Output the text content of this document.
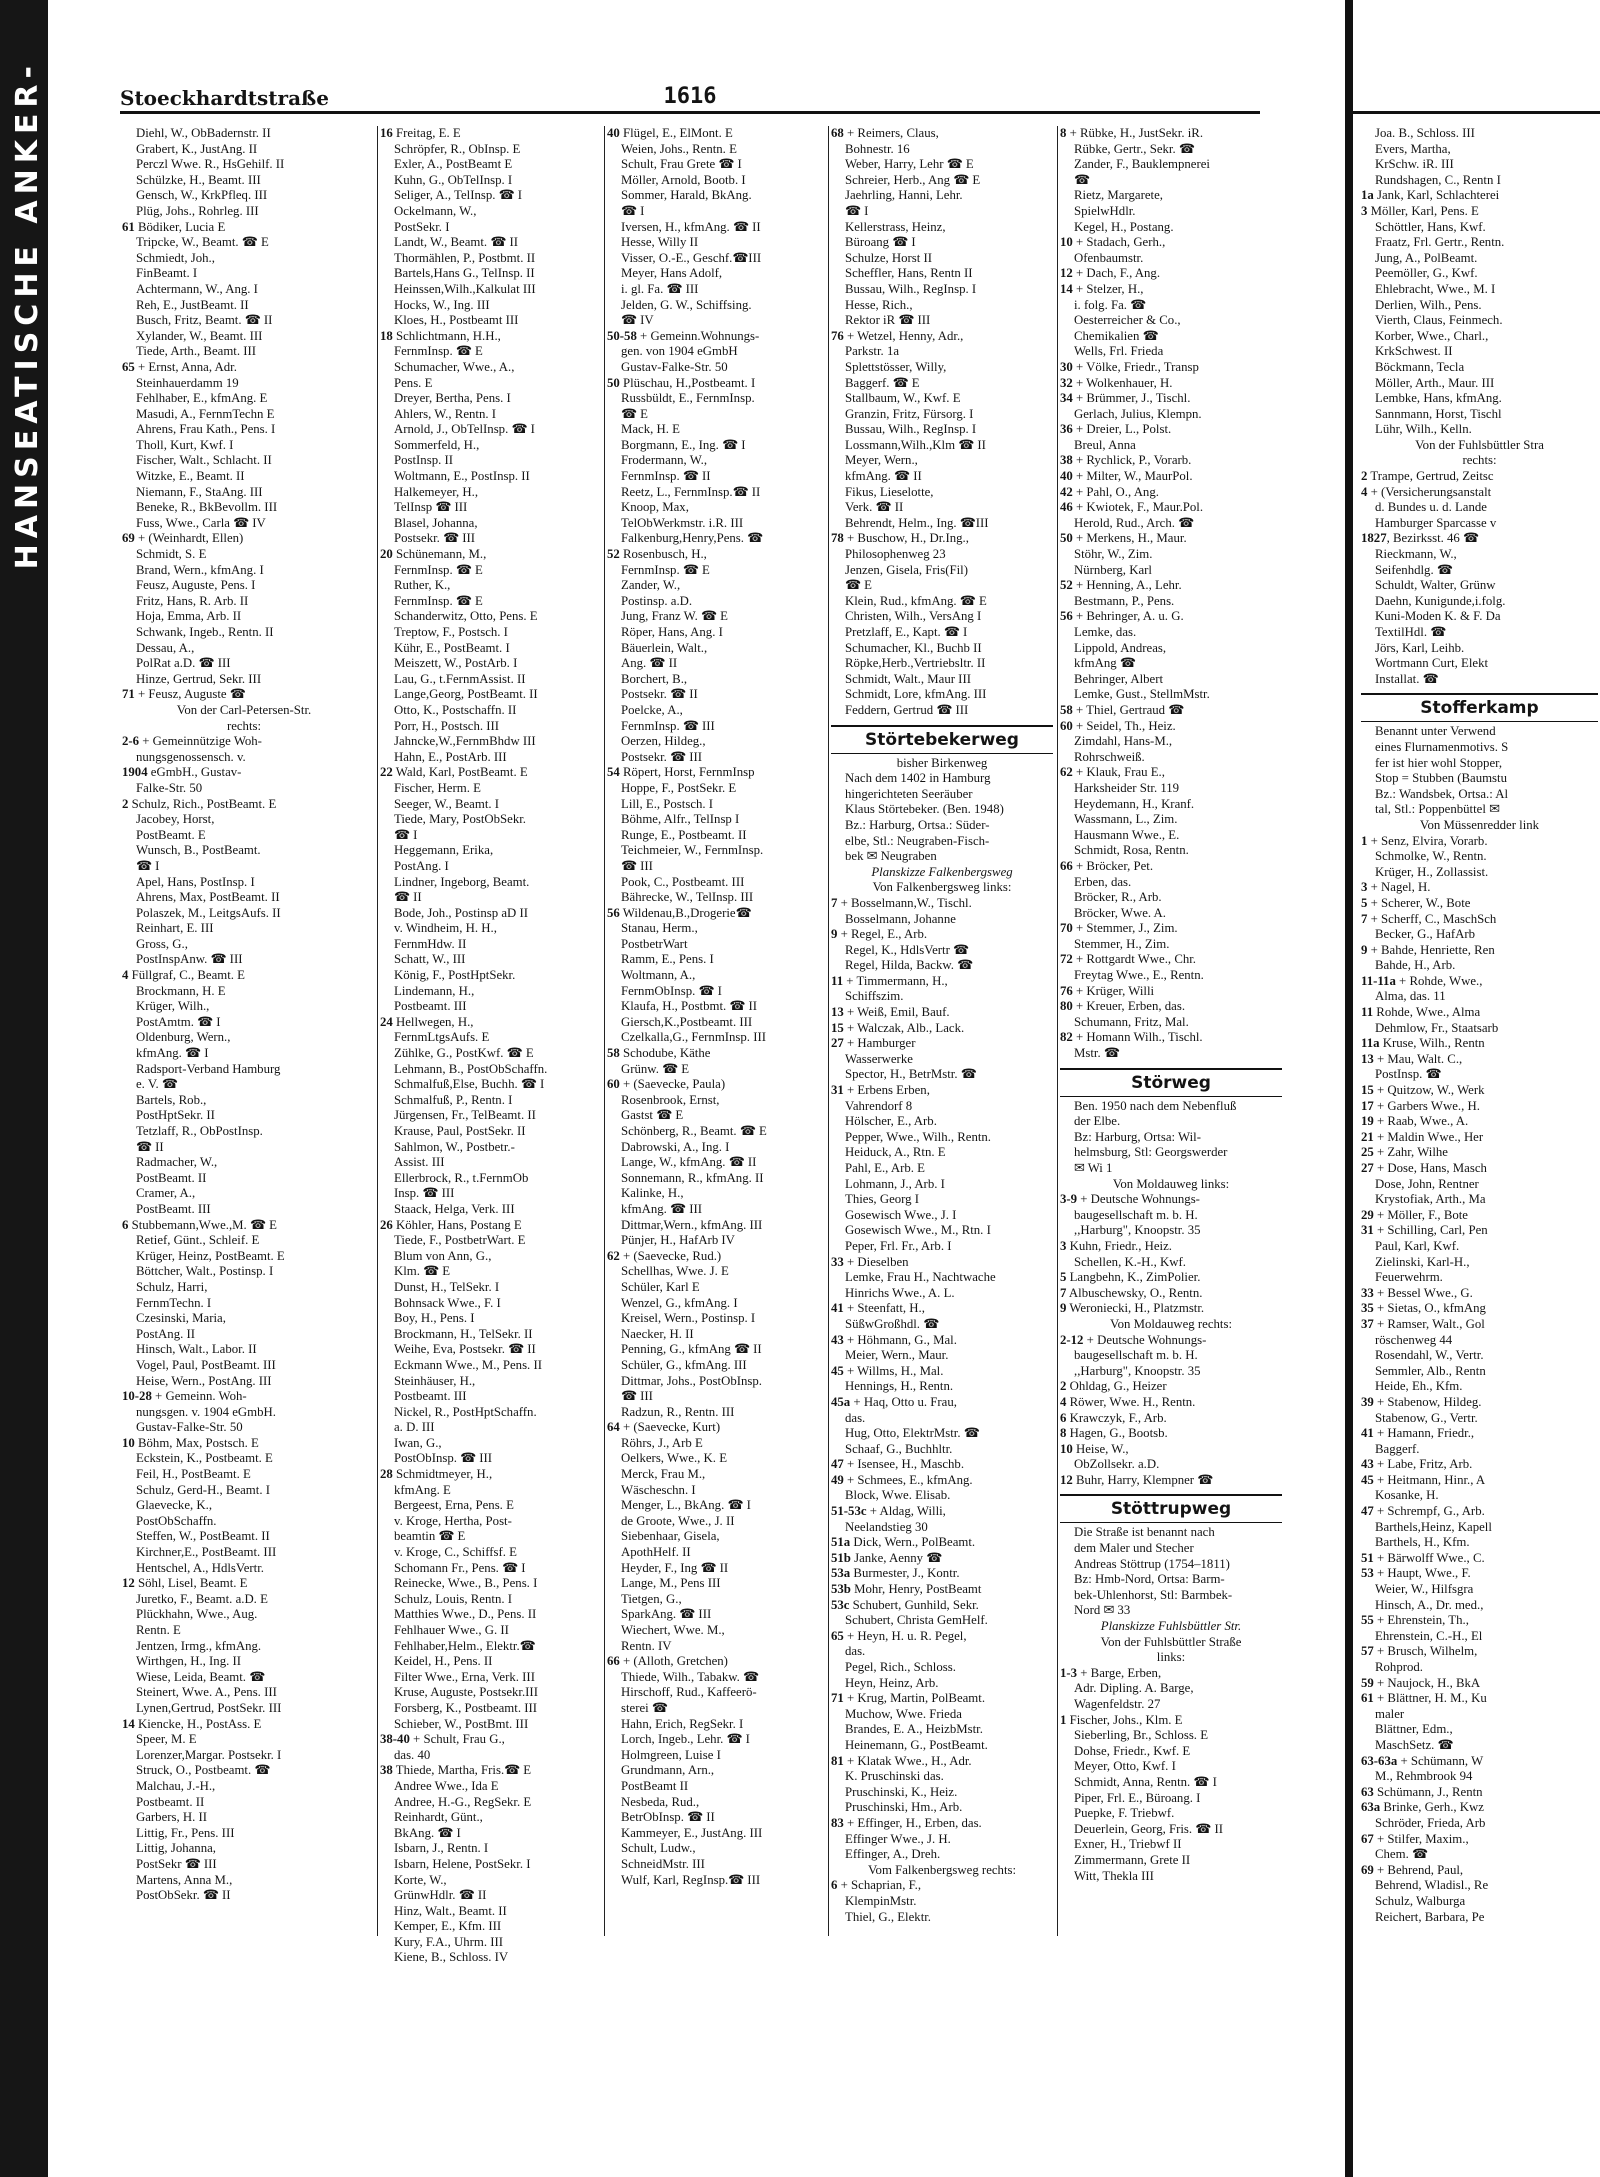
HANSEATISCHE ANKER-	Stoeckhardtstraße	1616
Diehl, W., ObBadernstr. II
Grabert, K., JustAng. II
Perczl Wwe. R., HsGehilf. II
Schülzke, H., Beamt. III
Gensch, W., KrkPfleq. III
Plüg, Johs., Rohrleg. III
61 Bödiker, Lucia E
Tripcke, W., Beamt. ☎ E
Schmiedt, Joh.,
FinBeamt. I
Achtermann, W., Ang. I
Reh, E., JustBeamt. II
Busch, Fritz, Beamt. ☎ II
Xylander, W., Beamt. III
Tiede, Arth., Beamt. III
65 + Ernst, Anna, Adr.
Steinhauerdamm 19
Fehlhaber, E., kfmAng. E
Masudi, A., FernmTechn E
Ahrens, Frau Kath., Pens. I
Tholl, Kurt, Kwf. I
Fischer, Walt., Schlacht. II
Witzke, E., Beamt. II
Niemann, F., StaAng. III
Beneke, R., BkBevollm. III
Fuss, Wwe., Carla ☎ IV
69 + (Weinhardt, Ellen)
Schmidt, S. E
Brand, Wern., kfmAng. I
Feusz, Auguste, Pens. I
Fritz, Hans, R. Arb. II
Hoja, Emma, Arb. II
Schwank, Ingeb., Rentn. II
Dessau, A.,
PolRat a.D. ☎ III
Hinze, Gertrud, Sekr. III
71 + Feusz, Auguste ☎
Von der Carl-Petersen-Str.
rechts:
2-6 + Gemeinnützige Woh-
nungsgenossensch. v.
1904 eGmbH., Gustav-
Falke-Str. 50
2 Schulz, Rich., PostBeamt. E
Jacobey, Horst,
PostBeamt. E
Wunsch, B., PostBeamt.
☎ I
Apel, Hans, PostInsp. I
Ahrens, Max, PostBeamt. II
Polaszek, M., LeitgsAufs. II
Reinhart, E. III
Gross, G.,
PostInspAnw. ☎ III
4 Füllgraf, C., Beamt. E
Brockmann, H. E
Krüger, Wilh.,
PostAmtm. ☎ I
Oldenburg, Wern.,
kfmAng. ☎ I
Radsport-Verband Hamburg
e. V. ☎
Bartels, Rob.,
PostHptSekr. II
Tetzlaff, R., ObPostInsp.
☎ II
Radmacher, W.,
PostBeamt. II
Cramer, A.,
PostBeamt. III
6 Stubbemann,Wwe.,M. ☎ E
Retief, Günt., Schleif. E
Krüger, Heinz, PostBeamt. E
Böttcher, Walt., Postinsp. I
Schulz, Harri,
FernmTechn. I
Czesinski, Maria,
PostAng. II
Hinsch, Walt., Labor. II
Vogel, Paul, PostBeamt. III
Heise, Wern., PostAng. III
10-28 + Gemeinn. Woh-
nungsgen. v. 1904 eGmbH.
Gustav-Falke-Str. 50
10 Böhm, Max, Postsch. E
Eckstein, K., Postbeamt. E
Feil, H., PostBeamt. E
Schulz, Gerd-H., Beamt. I
Glaevecke, K.,
PostObSchaffn.
Steffen, W., PostBeamt. II
Kirchner,E., PostBeamt. III
Hentschel, A., HdlsVertr.
12 Söhl, Lisel, Beamt. E
Juretko, F., Beamt. a.D. E
Plückhahn, Wwe., Aug.
Rentn. E
Jentzen, Irmg., kfmAng.
Wirthgen, H., Ing. II
Wiese, Leida, Beamt. ☎
Steinert, Wwe. A., Pens. III
Lynen,Gertrud, PostSekr. III
14 Kiencke, H., PostAss. E
Speer, M. E
Lorenzer,Margar. Postsekr. I
Struck, O., Postbeamt. ☎
Malchau, J.-H.,
Postbeamt. II
Garbers, H. II
Littig, Fr., Pens. III
Littig, Johanna,
PostSekr ☎ III
Martens, Anna M.,
PostObSekr. ☎ II
16 Freitag, E. E
Schröpfer, R., ObInsp. E
Exler, A., PostBeamt E
Kuhn, G., ObTelInsp. I
Seliger, A., TelInsp. ☎ I
Ockelmann, W.,
PostSekr. I
Landt, W., Beamt. ☎ II
Thormählen, P., Postbmt. II
Bartels,Hans G., TelInsp. II
Heinssen,Wilh.,Kalkulat III
Hocks, W., Ing. III
Kloes, H., Postbeamt III
18 Schlichtmann, H.H.,
FernmInsp. ☎ E
Schumacher, Wwe., A.,
Pens. E
Dreyer, Bertha, Pens. I
Ahlers, W., Rentn. I
Arnold, J., ObTelInsp. ☎ I
Sommerfeld, H.,
PostInsp. II
Woltmann, E., PostInsp. II
Halkemeyer, H.,
TelInsp ☎ III
Blasel, Johanna,
Postsekr. ☎ III
20 Schünemann, M.,
FernmInsp. ☎ E
Ruther, K.,
FernmInsp. ☎ E
Schanderwitz, Otto, Pens. E
Treptow, F., Postsch. I
Kühr, E., PostBeamt. I
Meiszett, W., PostArb. I
Lau, G., t.FernmAssist. II
Lange,Georg, PostBeamt. II
Otto, K., Postschaffn. II
Porr, H., Postsch. III
Jahncke,W.,FernmBhdw III
Hahn, E., PostArb. III
22 Wald, Karl, PostBeamt. E
Fischer, Herm. E
Seeger, W., Beamt. I
Tiede, Mary, PostObSekr.
☎ I
Heggemann, Erika,
PostAng. I
Lindner, Ingeborg, Beamt.
☎ II
Bode, Joh., Postinsp aD II
v. Windheim, H. H.,
FernmHdw. II
Schatt, W., III
König, F., PostHptSekr.
Lindemann, H.,
Postbeamt. III
24 Hellwegen, H.,
FernmLtgsAufs. E
Zühlke, G., PostKwf. ☎ E
Lehmann, B., PostObSchaffn.
Schmalfuß,Else, Buchh. ☎ I
Schmalfuß, P., Rentn. I
Jürgensen, Fr., TelBeamt. II
Krause, Paul, PostSekr. II
Sahlmon, W., Postbetr.-
Assist. III
Ellerbrock, R., t.FernmOb
Insp. ☎ III
Staack, Helga, Verk. III
26 Köhler, Hans, Postang E
Tiede, F., PostbetrWart. E
Blum von Ann, G.,
Klm. ☎ E
Dunst, H., TelSekr. I
Bohnsack Wwe., F. I
Boy, H., Pens. I
Brockmann, H., TelSekr. II
Weihe, Eva, Postsekr. ☎ II
Eckmann Wwe., M., Pens. II
Steinhäuser, H.,
Postbeamt. III
Nickel, R., PostHptSchaffn.
a. D. III
Iwan, G.,
PostObInsp. ☎ III
28 Schmidtmeyer, H.,
kfmAng. E
Bergeest, Erna, Pens. E
v. Kroge, Hertha, Post-
beamtin ☎ E
v. Kroge, C., Schiffsf. E
Schomann Fr., Pens. ☎ I
Reinecke, Wwe., B., Pens. I
Schulz, Louis, Rentn. I
Matthies Wwe., D., Pens. II
Fehlhauer Wwe., G. II
Fehlhaber,Helm., Elektr.☎
Keidel, H., Pens. II
Filter Wwe., Erna, Verk. III
Kruse, Auguste, Postsekr.III
Forsberg, K., Postbeamt. III
Schieber, W., PostBmt. III
38-40 + Schult, Frau G.,
das. 40
38 Thiede, Martha, Fris.☎ E
Andree Wwe., Ida E
Andree, H.-G., RegSekr. E
Reinhardt, Günt.,
BkAng. ☎ I
Isbarn, J., Rentn. I
Isbarn, Helene, PostSekr. I
Korte, W.,
GrünwHdlr. ☎ II
Hinz, Walt., Beamt. II
Kemper, E., Kfm. III
Kury, F.A., Uhrm. III
Kiene, B., Schloss. IV
40 Flügel, E., ElMont. E
Weien, Johs., Rentn. E
Schult, Frau Grete ☎ I
Möller, Arnold, Bootb. I
Sommer, Harald, BkAng.
☎ I
Iversen, H., kfmAng. ☎ II
Hesse, Willy II
Visser, O.-E., Geschf.☎III
Meyer, Hans Adolf,
i. gl. Fa. ☎ III
Jelden, G. W., Schiffsing.
☎ IV
50-58 + Gemeinn.Wohnungs-
gen. von 1904 eGmbH
Gustav-Falke-Str. 50
50 Plüschau, H.,Postbeamt. I
Russbüldt, E., FernmInsp.
☎ E
Mack, H. E
Borgmann, E., Ing. ☎ I
Frodermann, W.,
FernmInsp. ☎ II
Reetz, L., FernmInsp.☎ II
Knoop, Max,
TelObWerkmstr. i.R. III
Falkenburg,Henry,Pens. ☎
52 Rosenbusch, H.,
FernmInsp. ☎ E
Zander, W.,
Postinsp. a.D.
Jung, Franz W. ☎ E
Röper, Hans, Ang. I
Bäuerlein, Walt.,
Ang. ☎ II
Borchert, B.,
Postsekr. ☎ II
Poelcke, A.,
FernmInsp. ☎ III
Oerzen, Hildeg.,
Postsekr. ☎ III
54 Röpert, Horst, FernmInsp
Hoppe, F., PostSekr. E
Lill, E., Postsch. I
Böhme, Alfr., TelInsp I
Runge, E., Postbeamt. II
Teichmeier, W., FernmInsp.
☎ III
Pook, C., Postbeamt. III
Bährecke, W., TelInsp. III
56 Wildenau,B.,Drogerie☎
Stanau, Herm.,
PostbetrWart
Ramm, E., Pens. I
Woltmann, A.,
FernmObInsp. ☎ I
Klaufa, H., Postbmt. ☎ II
Giersch,K.,Postbeamt. III
Czelkalla,G., FernmInsp. III
58 Schodube, Käthe
Grünw. ☎ E
60 + (Saevecke, Paula)
Rosenbrook, Ernst,
Gastst ☎ E
Schönberg, R., Beamt. ☎ E
Dabrowski, A., Ing. I
Lange, W., kfmAng. ☎ II
Sonnemann, R., kfmAng. II
Kalinke, H.,
kfmAng. ☎ III
Dittmar,Wern., kfmAng. III
Pünjer, H., HafArb IV
62 + (Saevecke, Rud.)
Schellhas, Wwe. J. E
Schüler, Karl E
Wenzel, G., kfmAng. I
Kreisel, Wern., Postinsp. I
Naecker, H. II
Penning, G., kfmAng ☎ II
Schüler, G., kfmAng. III
Dittmar, Johs., PostObInsp.
☎ III
Radzun, R., Rentn. III
64 + (Saevecke, Kurt)
Röhrs, J., Arb E
Oelkers, Wwe., K. E
Merck, Frau M.,
Wäscheschn. I
Menger, L., BkAng. ☎ I
de Groote, Wwe., J. II
Siebenhaar, Gisela,
ApothHelf. II
Heyder, F., Ing ☎ II
Lange, M., Pens III
Tietgen, G.,
SparkAng. ☎ III
Wiechert, Wwe. M.,
Rentn. IV
66 + (Alloth, Gretchen)
Thiede, Wilh., Tabakw. ☎
Hirschoff, Rud., Kaffeerö-
sterei ☎
Hahn, Erich, RegSekr. I
Lorch, Ingeb., Lehr. ☎ I
Holmgreen, Luise I
Grundmann, Arn.,
PostBeamt II
Nesbeda, Rud.,
BetrObInsp. ☎ II
Kammeyer, E., JustAng. III
Schult, Ludw.,
SchneidMstr. III
Wulf, Karl, RegInsp.☎ III
68 + Reimers, Claus,
Bohnestr. 16
Weber, Harry, Lehr ☎ E
Schreier, Herb., Ang ☎ E
Jaehrling, Hanni, Lehr.
☎ I
Kellerstrass, Heinz,
Büroang ☎ I
Schulze, Horst II
Scheffler, Hans, Rentn II
Bussau, Wilh., RegInsp. I
Hesse, Rich.,
Rektor iR ☎ III
76 + Wetzel, Henny, Adr.,
Parkstr. 1a
Splettstösser, Willy,
Baggerf. ☎ E
Stallbaum, W., Kwf. E
Granzin, Fritz, Fürsorg. I
Bussau, Wilh., RegInsp. I
Lossmann,Wilh.,Klm ☎ II
Meyer, Wern.,
kfmAng. ☎ II
Fikus, Lieselotte,
Verk. ☎ II
Behrendt, Helm., Ing. ☎III
78 + Buschow, H., Dr.Ing.,
Philosophenweg 23
Jenzen, Gisela, Fris(Fil)
☎ E
Klein, Rud., kfmAng. ☎ E
Christen, Wilh., VersAng I
Pretzlaff, E., Kapt. ☎ I
Schumacher, Kl., Buchb II
Röpke,Herb.,Vertriebsltr. II
Schmidt, Walt., Maur III
Schmidt, Lore, kfmAng. III
Feddern, Gertrud ☎ III
Störtebekerweg
bisher Birkenweg
Nach dem 1402 in Hamburg
hingerichteten Seeräuber
Klaus Störtebeker. (Ben. 1948)
Bz.: Harburg, Ortsa.: Süder-
elbe, Stl.: Neugraben-Fisch-
bek ✉ Neugraben
Planskizze Falkenbergsweg
Von Falkenbergsweg links:
7 + Bosselmann,W., Tischl.
Bosselmann, Johanne
9 + Regel, E., Arb.
Regel, K., HdlsVertr ☎
Regel, Hilda, Backw. ☎
11 + Timmermann, H.,
Schiffszim.
13 + Weiß, Emil, Bauf.
15 + Walczak, Alb., Lack.
27 + Hamburger
Wasserwerke
Spector, H., BetrMstr. ☎
31 + Erbens Erben,
Vahrendorf 8
Hölscher, E., Arb.
Pepper, Wwe., Wilh., Rentn.
Heiduck, A., Rtn. E
Pahl, E., Arb. E
Lohmann, J., Arb. I
Thies, Georg I
Gosewisch Wwe., J. I
Gosewisch Wwe., M., Rtn. I
Peper, Frl. Fr., Arb. I
33 + Dieselben
Lemke, Frau H., Nachtwache
Hinrichs Wwe., A. L.
41 + Steenfatt, H.,
SüßwGroßhdl. ☎
43 + Höhmann, G., Mal.
Meier, Wern., Maur.
45 + Willms, H., Mal.
Hennings, H., Rentn.
45a + Haq, Otto u. Frau,
das.
Hug, Otto, ElektrMstr. ☎
Schaaf, G., Buchhltr.
47 + Isensee, H., Maschb.
49 + Schmees, E., kfmAng.
Block, Wwe. Elisab.
51-53c + Aldag, Willi,
Neelandstieg 30
51a Dick, Wern., PolBeamt.
51b Janke, Aenny ☎
53a Burmester, J., Kontr.
53b Mohr, Henry, PostBeamt
53c Schubert, Gunhild, Sekr.
Schubert, Christa GemHelf.
65 + Heyn, H. u. R. Pegel,
das.
Pegel, Rich., Schloss.
Heyn, Heinz, Arb.
71 + Krug, Martin, PolBeamt.
Muchow, Wwe. Frieda
Brandes, E. A., HeizbMstr.
Heinemann, G., PostBeamt.
81 + Klatak Wwe., H., Adr.
K. Pruschinski das.
Pruschinski, K., Heiz.
Pruschinski, Hm., Arb.
83 + Effinger, H., Erben, das.
Effinger Wwe., J. H.
Effinger, A., Dreh.
Vom Falkenbergsweg rechts:
6 + Schaprian, F.,
KlempinMstr.
Thiel, G., Elektr.
8 + Rübke, H., JustSekr. iR.
Rübke, Gertr., Sekr. ☎
Zander, F., Bauklempnerei
☎
Rietz, Margarete,
SpielwHdlr.
Kegel, H., Postang.
10 + Stadach, Gerh.,
Ofenbaumstr.
12 + Dach, F., Ang.
14 + Stelzer, H.,
i. folg. Fa. ☎
Oesterreicher & Co.,
Chemikalien ☎
Wells, Frl. Frieda
30 + Völke, Friedr., Transp
32 + Wolkenhauer, H.
34 + Brümmer, J., Tischl.
Gerlach, Julius, Klempn.
36 + Dreier, L., Polst.
Breul, Anna
38 + Rychlick, P., Vorarb.
40 + Milter, W., MaurPol.
42 + Pahl, O., Ang.
46 + Kwiotek, F., Maur.Pol.
Herold, Rud., Arch. ☎
50 + Merkens, H., Maur.
Stöhr, W., Zim.
Nürnberg, Karl
52 + Henning, A., Lehr.
Bestmann, P., Pens.
56 + Behringer, A. u. G.
Lemke, das.
Lippold, Andreas,
kfmAng ☎
Behringer, Albert
Lemke, Gust., StellmMstr.
58 + Thiel, Gertraud ☎
60 + Seidel, Th., Heiz.
Zimdahl, Hans-M.,
Rohrschweiß.
62 + Klauk, Frau E.,
Harksheider Str. 119
Heydemann, H., Kranf.
Wassmann, L., Zim.
Hausmann Wwe., E.
Schmidt, Rosa, Rentn.
66 + Bröcker, Pet.
Erben, das.
Bröcker, R., Arb.
Bröcker, Wwe. A.
70 + Stemmer, J., Zim.
Stemmer, H., Zim.
72 + Rottgardt Wwe., Chr.
Freytag Wwe., E., Rentn.
76 + Krüger, Willi
80 + Kreuer, Erben, das.
Schumann, Fritz, Mal.
82 + Homann Wilh., Tischl.
Mstr. ☎
Störweg
Ben. 1950 nach dem Nebenfluß
der Elbe.
Bz: Harburg, Ortsa: Wil-
helmsburg, Stl: Georgswerder
✉ Wi 1
Von Moldauweg links:
3-9 + Deutsche Wohnungs-
baugesellschaft m. b. H.
,,Harburg", Knoopstr. 35
3 Kuhn, Friedr., Heiz.
Schellen, K.-H., Kwf.
5 Langbehn, K., ZimPolier.
7 Albuschewsky, O., Rentn.
9 Weroniecki, H., Platzmstr.
Von Moldauweg rechts:
2-12 + Deutsche Wohnungs-
baugesellschaft m. b. H.
,,Harburg", Knoopstr. 35
2 Ohldag, G., Heizer
4 Röwer, Wwe. H., Rentn.
6 Krawczyk, F., Arb.
8 Hagen, G., Bootsb.
10 Heise, W.,
ObZollsekr. a.D.
12 Buhr, Harry, Klempner ☎
Stöttrupweg
Die Straße ist benannt nach
dem Maler und Stecher
Andreas Stöttrup (1754–1811)
Bz: Hmb-Nord, Ortsa: Barm-
bek-Uhlenhorst, Stl: Barmbek-
Nord ✉ 33
Planskizze Fuhlsbüttler Str.
Von der Fuhlsbüttler Straße
links:
1-3 + Barge, Erben,
Adr. Dipling. A. Barge,
Wagenfeldstr. 27
1 Fischer, Johs., Klm. E
Sieberling, Br., Schloss. E
Dohse, Friedr., Kwf. E
Meyer, Otto, Kwf. I
Schmidt, Anna, Rentn. ☎ I
Piper, Frl. E., Büroang. I
Puepke, F. Triebwf.
Deuerlein, Georg, Fris. ☎ II
Exner, H., Triebwf II
Zimmermann, Grete II
Witt, Thekla III
Joa. B., Schloss. III
Evers, Martha,
KrSchw. iR. III
Rundshagen, C., Rentn I
1a Jank, Karl, Schlachterei
3 Möller, Karl, Pens. E
Schöttler, Hans, Kwf.
Fraatz, Frl. Gertr., Rentn.
Jung, A., PolBeamt.
Peemöller, G., Kwf.
Ehlebracht, Wwe., M. I
Derlien, Wilh., Pens.
Vierth, Claus, Feinmech.
Korber, Wwe., Charl.,
KrkSchwest. II
Böckmann, Tecla
Möller, Arth., Maur. III
Lembke, Hans, kfmAng.
Sannmann, Horst, Tischl
Lühr, Wilh., Kelln.
Von der Fuhlsbüttler Stra
rechts:
2 Trampe, Gertrud, Zeitsc
4 + (Versicherungsanstalt
d. Bundes u. d. Lande
Hamburger Sparcasse v
1827, Bezirksst. 46 ☎
Rieckmann, W.,
Seifenhdlg. ☎
Schuldt, Walter, Grünw
Daehn, Kunigunde,i.folg.
Kuni-Moden K. & F. Da
TextilHdl. ☎
Jörs, Karl, Leihb.
Wortmann Curt, Elekt
Installat. ☎
Stofferkamp
Benannt unter Verwend
eines Flurnamenmotivs. S
fer ist hier wohl Stopper,
Stop = Stubben (Baumstu
Bz.: Wandsbek, Ortsa.: Al
tal, Stl.: Poppenbüttel ✉
Von Müssenredder link
1 + Senz, Elvira, Vorarb.
Schmolke, W., Rentn.
Krüger, H., Zollassist.
3 + Nagel, H.
5 + Scherer, W., Bote
7 + Scherff, C., MaschSch
Becker, G., HafArb
9 + Bahde, Henriette, Ren
Bahde, H., Arb.
11-11a + Rohde, Wwe.,
Alma, das. 11
11 Rohde, Wwe., Alma
Dehmlow, Fr., Staatsarb
11a Kruse, Wilh., Rentn
13 + Mau, Walt. C.,
PostInsp. ☎
15 + Quitzow, W., Werk
17 + Garbers Wwe., H.
19 + Raab, Wwe., A.
21 + Maldin Wwe., Her
25 + Zahr, Wilhe
27 + Dose, Hans, Masch
Dose, John, Rentner
Krystofiak, Arth., Ma
29 + Möller, F., Bote
31 + Schilling, Carl, Pen
Paul, Karl, Kwf.
Zielinski, Karl-H.,
Feuerwehrm.
33 + Bessel Wwe., G.
35 + Sietas, O., kfmAng
37 + Ramser, Walt., Gol
röschenweg 44
Rosendahl, W., Vertr.
Semmler, Alb., Rentn
Heide, Eh., Kfm.
39 + Stabenow, Hildeg.
Stabenow, G., Vertr.
41 + Hamann, Friedr.,
Baggerf.
43 + Labe, Fritz, Arb.
45 + Heitmann, Hinr., A
Kosanke, H.
47 + Schrempf, G., Arb.
Barthels,Heinz, Kapell
Barthels, H., Kfm.
51 + Bärwolff Wwe., C.
53 + Haupt, Wwe., F.
Weier, W., Hilfsgra
Hinsch, A., Dr. med.,
55 + Ehrenstein, Th.,
Ehrenstein, C.-H., El
57 + Brusch, Wilhelm,
Rohprod.
59 + Naujock, H., BkA
61 + Blättner, H. M., Ku
maler
Blättner, Edm.,
MaschSetz. ☎
63-63a + Schümann, W
M., Rehmbrook 94
63 Schümann, J., Rentn
63a Brinke, Gerh., Kwz
Schröder, Frieda, Arb
67 + Stilfer, Maxim.,
Chem. ☎
69 + Behrend, Paul,
Behrend, Wladisl., Re
Schulz, Walburga
Reichert, Barbara, Pe
